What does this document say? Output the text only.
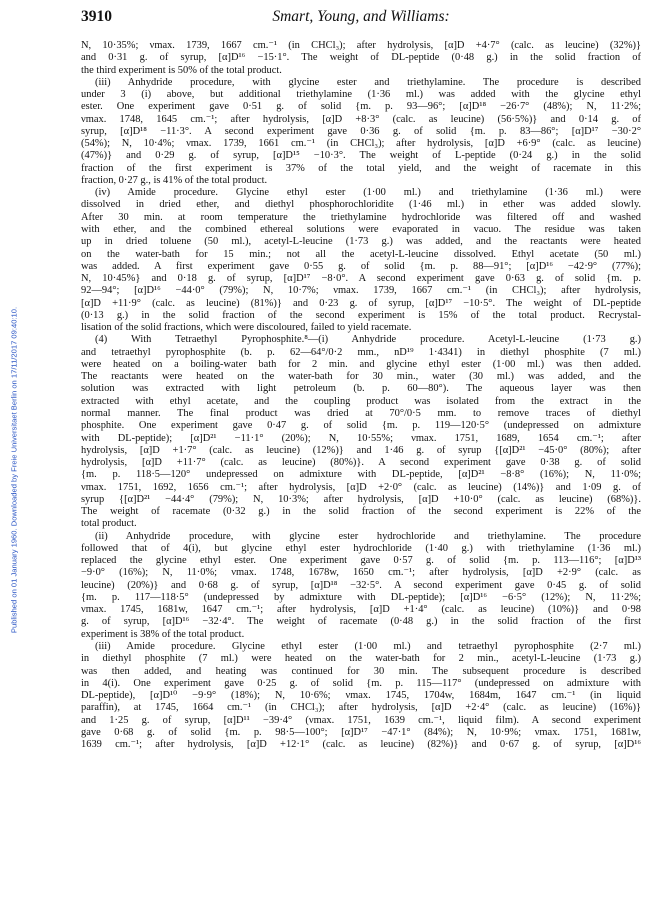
Published on 01 January 1960. Downloaded by Freie Universitaet Berlin on 17/11/2017 09:40:10.
3910	Smart, Young, and Williams:
N, 10·35%; νmax. 1739, 1667 cm.⁻¹ (in CHCl₃); after hydrolysis, [α]D +4·7° (calc. as leucine) (32%)}
and 0·31 g. of syrup, [α]D¹⁶ −15·1°. The weight of DL-peptide (0·48 g.) in the solid fraction of
the third experiment is 50% of the total product.
(iii) Anhydride procedure, with glycine ester and triethylamine. The procedure is described
under 3 (i) above, but additional triethylamine (1·36 ml.) was added with the glycine ethyl
ester. One experiment gave 0·51 g. of solid {m. p. 93—96°; [α]D¹⁸ −26·7° (48%); N, 11·2%;
νmax. 1748, 1645 cm.⁻¹; after hydrolysis, [α]D +8·3° (calc. as leucine) (56·5%)} and 0·14 g. of
syrup, [α]D¹⁸ −11·3°. A second experiment gave 0·36 g. of solid {m. p. 83—86°; [α]D¹⁷ −30·2°
(54%); N, 10·4%; νmax. 1739, 1661 cm.⁻¹ (in CHCl₃); after hydrolysis, [α]D +6·9° (calc. as leucine)
(47%)} and 0·29 g. of syrup, [α]D¹⁵ −10·3°. The weight of L-peptide (0·24 g.) in the solid
fraction of the first experiment is 37% of the total yield, and the weight of racemate in this
fraction, 0·27 g., is 41% of the total product.
(iv) Amide procedure. Glycine ethyl ester (1·00 ml.) and triethylamine (1·36 ml.) were
dissolved in dried ether, and diethyl phosphorochloridite (1·46 ml.) in ether was added slowly.
After 30 min. at room temperature the triethylamine hydrochloride was filtered off and washed
with ether, and the combined ethereal solutions were evaporated in vacuo. The residue was taken
up in dried toluene (50 ml.), acetyl-L-leucine (1·73 g.) was added, and the reactants were heated
on the water-bath for 15 min.; not all the acetyl-L-leucine dissolved. Ethyl acetate (50 ml.)
was added. A first experiment gave 0·55 g. of solid {m. p. 88—91°; [α]D¹⁶ −42·9° (77%);
N, 10·45%} and 0·18 g. of syrup, [α]D¹⁷ −8·0°. A second experiment gave 0·63 g. of solid {m. p.
92—94°; [α]D¹⁶ −44·0° (79%); N, 10·7%; νmax. 1739, 1667 cm.⁻¹ (in CHCl₃); after hydrolysis,
[α]D +11·9° (calc. as leucine) (81%)} and 0·23 g. of syrup, [α]D¹⁷ −10·5°. The weight of DL-peptide
(0·13 g.) in the solid fraction of the second experiment is 15% of the total product. Recrystal-
lisation of the solid fractions, which were discoloured, failed to yield racemate.
(4) With Tetraethyl Pyrophosphite.⁸—(i) Anhydride procedure. Acetyl-L-leucine (1·73 g.)
and tetraethyl pyrophosphite (b. p. 62—64°/0·2 mm., nD¹⁹ 1·4341) in diethyl phosphite (7 ml.)
were heated on a boiling-water bath for 2 min. and glycine ethyl ester (1·00 ml.) was then added.
The reactants were heated on the water-bath for 30 min., water (30 ml.) was added, and the
solution was extracted with light petroleum (b. p. 60—80°). The aqueous layer was then
extracted with ethyl acetate, and the coupling product was isolated from the extract in the
normal manner. The final product was dried at 70°/0·5 mm. to remove traces of diethyl
phosphite. One experiment gave 0·47 g. of solid {m. p. 119—120·5° (undepressed on admixture
with DL-peptide); [α]D²¹ −11·1° (20%); N, 10·55%; νmax. 1751, 1689, 1654 cm.⁻¹; after
hydrolysis, [α]D +1·7° (calc. as leucine) (12%)} and 1·46 g. of syrup {[α]D²¹ −45·0° (80%); after
hydrolysis, [α]D +11·7° (calc. as leucine) (80%)}. A second experiment gave 0·38 g. of solid
{m. p. 118·5—120° undepressed on admixture with DL-peptide, [α]D²¹ −8·8° (16%); N, 11·0%;
νmax. 1751, 1692, 1656 cm.⁻¹; after hydrolysis, [α]D +2·0° (calc. as leucine) (14%)} and 1·09 g. of
syrup {[α]D²¹ −44·4° (79%); N, 10·3%; after hydrolysis, [α]D +10·0° (calc. as leucine) (68%)}.
The weight of racemate (0·32 g.) in the solid fraction of the second experiment is 22% of the
total product.
(ii) Anhydride procedure, with glycine ester hydrochloride and triethylamine. The procedure
followed that of 4(i), but glycine ethyl ester hydrochloride (1·40 g.) with triethylamine (1·36 ml.)
replaced the glycine ethyl ester. One experiment gave 0·57 g. of solid {m. p. 113—116°; [α]D¹³
−9·0° (16%); N, 11·0%; νmax. 1748, 1678w, 1650 cm.⁻¹; after hydrolysis, [α]D +2·9° (calc. as
leucine) (20%)} and 0·68 g. of syrup, [α]D¹⁸ −32·5°. A second experiment gave 0·45 g. of solid
{m. p. 117—118·5° (undepressed by admixture with DL-peptide); [α]D¹⁶ −6·5° (12%); N, 11·2%;
νmax. 1745, 1681w, 1647 cm.⁻¹; after hydrolysis, [α]D +1·4° (calc. as leucine) (10%)} and 0·98
g. of syrup, [α]D¹⁶ −32·4°. The weight of racemate (0·48 g.) in the solid fraction of the first
experiment is 38% of the total product.
(iii) Amide procedure. Glycine ethyl ester (1·00 ml.) and tetraethyl pyrophosphite (2·7 ml.)
in diethyl phosphite (7 ml.) were heated on the water-bath for 2 min., acetyl-L-leucine (1·73 g.)
was then added, and heating was continued for 30 min. The subsequent procedure is described
in 4(i). One experiment gave 0·25 g. of solid {m. p. 115—117° (undepressed on admixture with
DL-peptide), [α]D¹⁰ −9·9° (18%); N, 10·6%; νmax. 1745, 1704w, 1684m, 1647 cm.⁻¹ (in liquid
paraffin), at 1745, 1664 cm.⁻¹ (in CHCl₃); after hydrolysis, [α]D +2·4° (calc. as leucine) (16%)}
and 1·25 g. of syrup, [α]D¹¹ −39·4° (νmax. 1751, 1639 cm.⁻¹, liquid film). A second experiment
gave 0·68 g. of solid {m. p. 98·5—100°; [α]D¹⁷ −47·1° (84%); N, 10·9%; νmax. 1751, 1681w,
1639 cm.⁻¹; after hydrolysis, [α]D +12·1° (calc. as leucine) (82%)} and 0·67 g. of syrup, [α]D¹⁶
